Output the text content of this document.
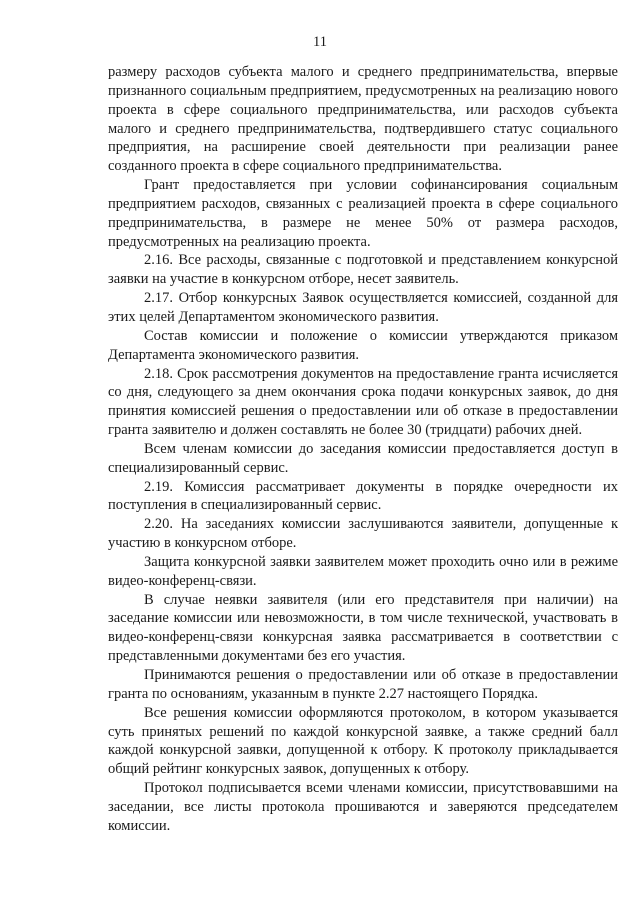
11

размеру расходов субъекта малого и среднего предпринимательства, впервые признанного социальным предприятием, предусмотренных на реализацию нового проекта в сфере социального предпринимательства, или расходов субъекта малого и среднего предпринимательства, подтвердившего статус социального предприятия, на расширение своей деятельности при реализации ранее созданного проекта в сфере социального предпринимательства.

Грант предоставляется при условии софинансирования социальным предприятием расходов, связанных с реализацией проекта в сфере социального предпринимательства, в размере не менее 50% от размера расходов, предусмотренных на реализацию проекта.

2.16. Все расходы, связанные с подготовкой и представлением конкурсной заявки на участие в конкурсном отборе, несет заявитель.

2.17. Отбор конкурсных Заявок осуществляется комиссией, созданной для этих целей Департаментом экономического развития.

Состав комиссии и положение о комиссии утверждаются приказом Департамента экономического развития.

2.18. Срок рассмотрения документов на предоставление гранта исчисляется со дня, следующего за днем окончания срока подачи конкурсных заявок, до дня принятия комиссией решения о предоставлении или об отказе в предоставлении гранта заявителю и должен составлять не более 30 (тридцати) рабочих дней.

Всем членам комиссии до заседания комиссии предоставляется доступ в специализированный сервис.

2.19. Комиссия рассматривает документы в порядке очередности их поступления в специализированный сервис.

2.20. На заседаниях комиссии заслушиваются заявители, допущенные к участию в конкурсном отборе.

Защита конкурсной заявки заявителем может проходить очно или в режиме видео-конференц-связи.

В случае неявки заявителя (или его представителя при наличии) на заседание комиссии или невозможности, в том числе технической, участвовать в видео-конференц-связи конкурсная заявка рассматривается в соответствии с представленными документами без его участия.

Принимаются решения о предоставлении или об отказе в предоставлении гранта по основаниям, указанным в пункте 2.27 настоящего Порядка.

Все решения комиссии оформляются протоколом, в котором указывается суть принятых решений по каждой конкурсной заявке, а также средний балл каждой конкурсной заявки, допущенной к отбору. К протоколу прикладывается общий рейтинг конкурсных заявок, допущенных к отбору.

Протокол подписывается всеми членами комиссии, присутствовавшими на заседании, все листы протокола прошиваются и заверяются председателем комиссии.
